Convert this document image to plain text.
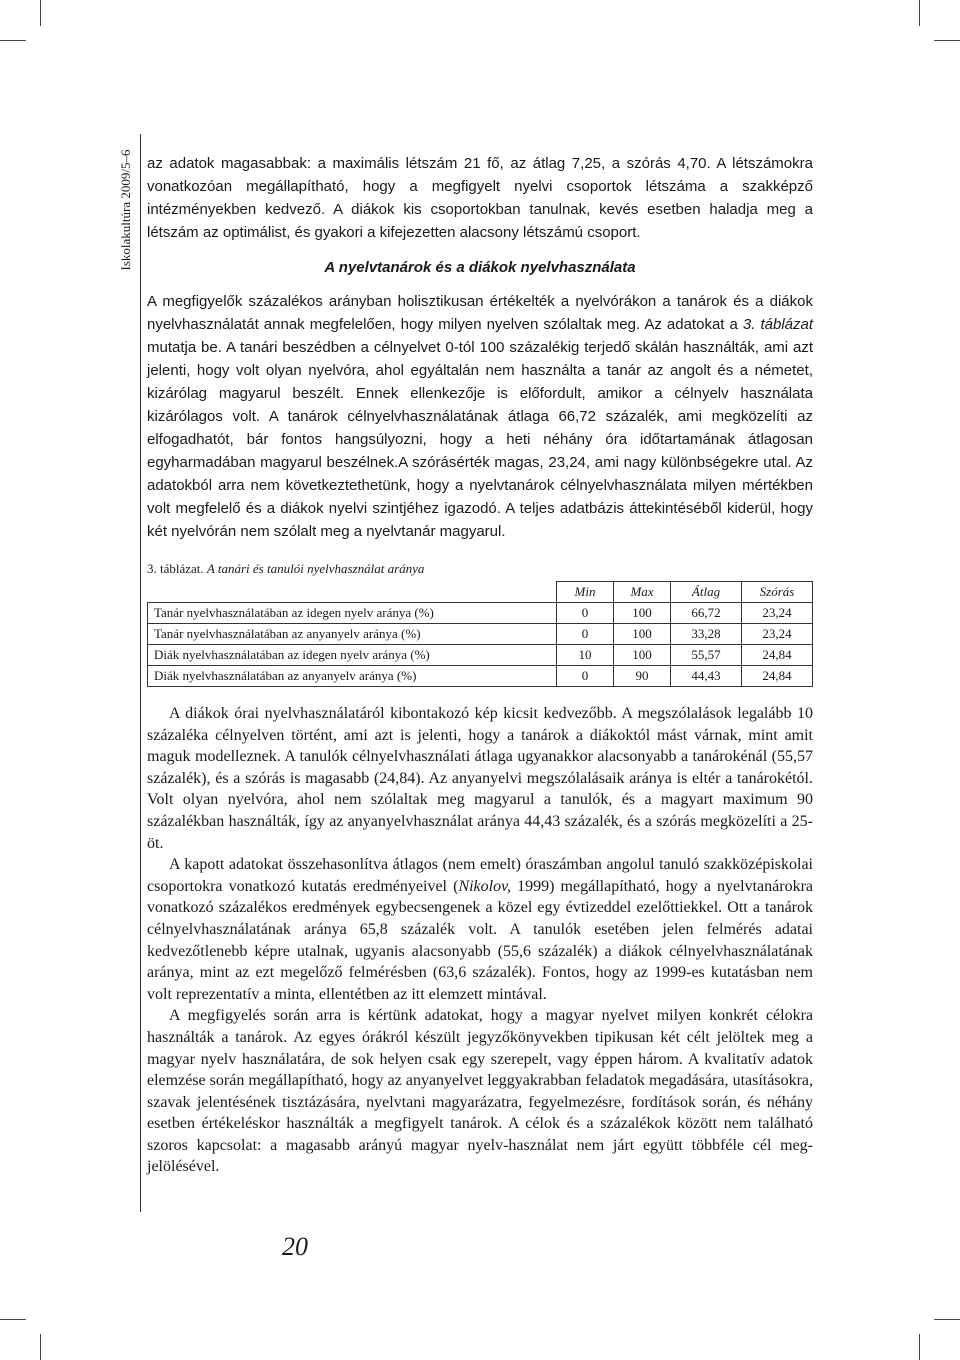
Iskolakultúra 2009/5–6 az adatok magasabbak: a maximális létszám 21 fő, az átlag 7,25, a szórás 4,70. A létszámokra vonatkozóan megállapítható, hogy a megfigyelt nyelvi csoportok létszáma a szakképző intézményekben kedvező. A diákok kis csoportokban tanulnak, kevés esetben haladja meg a létszám az optimálist, és gyakori a kifejezetten alacsony létszámú csoport.

A nyelvtanárok és a diákok nyelvhasználata

A megfigyelők százalékos arányban holisztikusan értékelték a nyelvórákon a tanárok és a diákok nyelvhasználatát annak megfelelően, hogy milyen nyelven szólaltak meg. Az adatokat a 3. táblázat mutatja be. A tanári beszédben a célnyelvet 0-tól 100 százalékig terjedő skálán használták, ami azt jelenti, hogy volt olyan nyelvóra, ahol egyáltalán nem használta a tanár az angolt és a németet, kizárólag magyarul beszélt. Ennek ellenkezője is előfordult, amikor a célnyelv használata kizárólagos volt. A tanárok célnyelvhasználatának átlaga 66,72 százalék, ami megközelíti az elfogadhatót, bár fontos hangsúlyozni, hogy a heti néhány óra időtartamának átlagosan egyharmadában magyarul beszélnek.A szórásérték magas, 23,24, ami nagy különbségekre utal. Az adatokból arra nem következtethetünk, hogy a nyelvtanárok célnyelvhasználata milyen mértékben volt megfelelő és a diákok nyelvi szintjéhez igazodó. A teljes adatbázis áttekintéséből kiderül, hogy két nyelvórán nem szólalt meg a nyelvtanár magyarul.

3. táblázat. A tanári és tanulói nyelvhasználat aránya

	Min	Max	Átlag	Szórás
Tanár nyelvhasználatában az idegen nyelv aránya (%)	0	100	66,72	23,24
Tanár nyelvhasználatában az anyanyelv aránya (%)	0	100	33,28	23,24
Diák nyelvhasználatában az idegen nyelv aránya (%)	10	100	55,57	24,84
Diák nyelvhasználatában az anyanyelv aránya (%)	0	90	44,43	24,84

A diákok órai nyelvhasználatáról kibontakozó kép kicsit kedvezőbb. A megszólalások legalább 10 százaléka célnyelven történt, ami azt is jelenti, hogy a tanárok a diákoktól mást várnak, mint amit maguk modelleznek. A tanulók célnyelvhasználati átlaga ugyanakkor alacsonyabb a tanárokénál (55,57 százalék), és a szórás is magasabb (24,84). Az anyanyelvi megszólalásaik aránya is eltér a tanárokétól. Volt olyan nyelvóra, ahol nem szólaltak meg magyarul a tanulók, és a magyart maximum 90 százalékban használták, így az anyanyelvhasználat aránya 44,43 százalék, és a szórás megközelíti a 25-öt.

A kapott adatokat összehasonlítva átlagos (nem emelt) óraszámban angolul tanuló szakközépiskolai csoportokra vonatkozó kutatás eredményeivel (Nikolov, 1999) megállapítható, hogy a nyelvtanárokra vonatkozó százalékos eredmények egybecsengenek a közel egy évtizeddel ezelőttiekkel. Ott a tanárok célnyelvhasználatának aránya 65,8 százalék volt. A tanulók esetében jelen felmérés adatai kedvezőtlenebb képre utalnak, ugyanis alacsonyabb (55,6 százalék) a diákok célnyelvhasználatának aránya, mint az ezt megelőző felmérésben (63,6 százalék). Fontos, hogy az 1999-es kutatásban nem volt reprezentatív a minta, ellentétben az itt elemzett mintával.

A megfigyelés során arra is kértünk adatokat, hogy a magyar nyelvet milyen konkrét célokra használták a tanárok. Az egyes órákról készült jegyzőkönyvekben tipikusan két célt jelöltek meg a magyar nyelv használatára, de sok helyen csak egy szerepelt, vagy éppen három. A kvalitatív adatok elemzése során megállapítható, hogy az anyanyelvet leggyakrabban feladatok megadására, utasításokra, szavak jelentésének tisztázására, nyelvtani magyarázatra, fegyelmezésre, fordítások során, és néhány esetben értékeléskor használták a megfigyelt tanárok. A célok és a százalékok között nem található szoros kapcsolat: a magasabb arányú magyar nyelv-használat nem járt együtt többféle cél megjelölésével.

20
